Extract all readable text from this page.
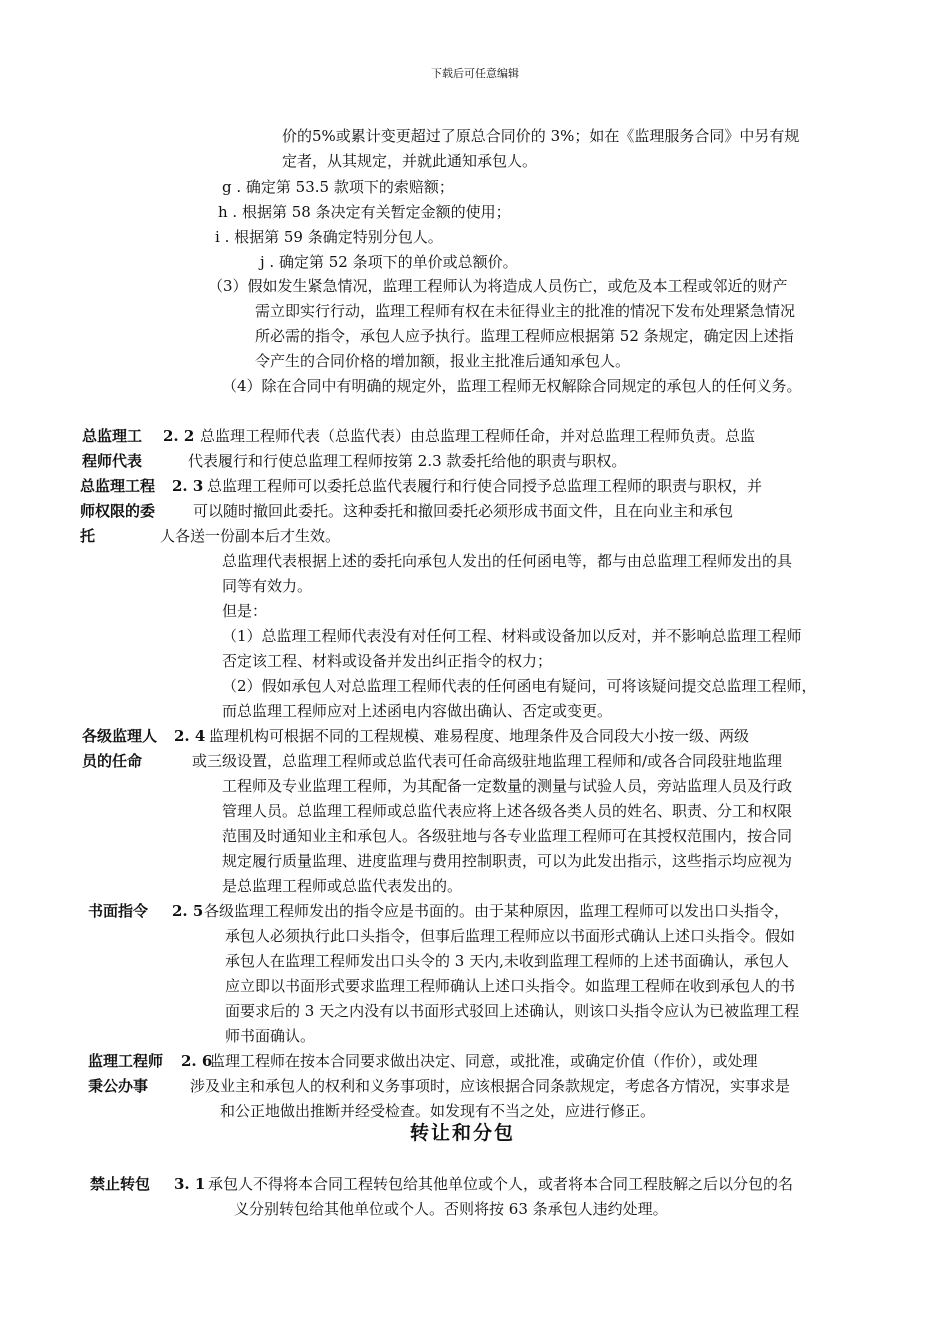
下载后可任意编辑
价的5%或累计变更超过了原总合同价的 3%；如在《监理服务合同》中另有规
定者，从其规定，并就此通知承包人。
g . 确定第 53.5 款项下的索赔额；
h . 根据第 58 条决定有关暂定金额的使用；
i . 根据第 59 条确定特别分包人。
j . 确定第 52 条项下的单价或总额价。
（3）假如发生紧急情况，监理工程师认为将造成人员伤亡，或危及本工程或邻近的财产
需立即实行行动，监理工程师有权在未征得业主的批准的情况下发布处理紧急情况
所必需的指令，承包人应予执行。监理工程师应根据第 52 条规定，确定因上述指
令产生的合同价格的增加额，报业主批准后通知承包人。
（4）除在合同中有明确的规定外，监理工程师无权解除合同规定的承包人的任何义务。
总监理工 2. 2 总监理工程师代表（总监代表）由总监理工程师任命，并对总监理工程师负责。总监
程师代表	代表履行和行使总监理工程师按第 2.3 款委托给他的职责与职权。
总监理工程 2. 3 总监理工程师可以委托总监代表履行和行使合同授予总监理工程师的职责与职权，并
师权限的委	可以随时撤回此委托。这种委托和撤回委托必须形成书面文件，且在向业主和承包
托	人各送一份副本后才生效。
总监理代表根据上述的委托向承包人发出的任何函电等，都与由总监理工程师发出的具
同等有效力。
但是：
（1）总监理工程师代表没有对任何工程、材料或设备加以反对，并不影响总监理工程师
否定该工程、材料或设备并发出纠正指令的权力；
（2）假如承包人对总监理工程师代表的任何函电有疑问，可将该疑问提交总监理工程师，
而总监理工程师应对上述函电内容做出确认、否定或变更。
各级监理人 2. 4 监理机构可根据不同的工程规模、难易程度、地理条件及合同段大小按一级、两级
员的任命	或三级设置，总监理工程师或总监代表可任命高级驻地监理工程师和/或各合同段驻地监理
工程师及专业监理工程师，为其配备一定数量的测量与试验人员，旁站监理人员及行政
管理人员。总监理工程师或总监代表应将上述各级各类人员的姓名、职责、分工和权限
范围及时通知业主和承包人。各级驻地与各专业监理工程师可在其授权范围内，按合同
规定履行质量监理、进度监理与费用控制职责，可以为此发出指示，这些指示均应视为
是总监理工程师或总监代表发出的。
书面指令 2. 5 各级监理工程师发出的指令应是书面的。由于某种原因，监理工程师可以发出口头指令，
承包人必须执行此口头指令，但事后监理工程师应以书面形式确认上述口头指令。假如
承包人在监理工程师发出口头令的 3 天内,未收到监理工程师的上述书面确认，承包人
应立即以书面形式要求监理工程师确认上述口头指令。如监理工程师在收到承包人的书
面要求后的 3 天之内没有以书面形式驳回上述确认，则该口头指令应认为已被监理工程
师书面确认。
监理工程师 2. 6
监理工程师在按本合同要求做出决定、同意，或批准，或确定价值（作价），或处理
秉公办事	涉及业主和承包人的权利和义务事项时，应该根据合同条款规定，考虑各方情况，实事求是
和公正地做出推断并经受检查。如发现有不当之处，应进行修正。
禁止转包 3. 1 承包人不得将本合同工程转包给其他单位或个人，或者将本合同工程肢解之后以分包的名
义分别转包给其他单位或个人。否则将按 63 条承包人违约处理。
转让和分包
